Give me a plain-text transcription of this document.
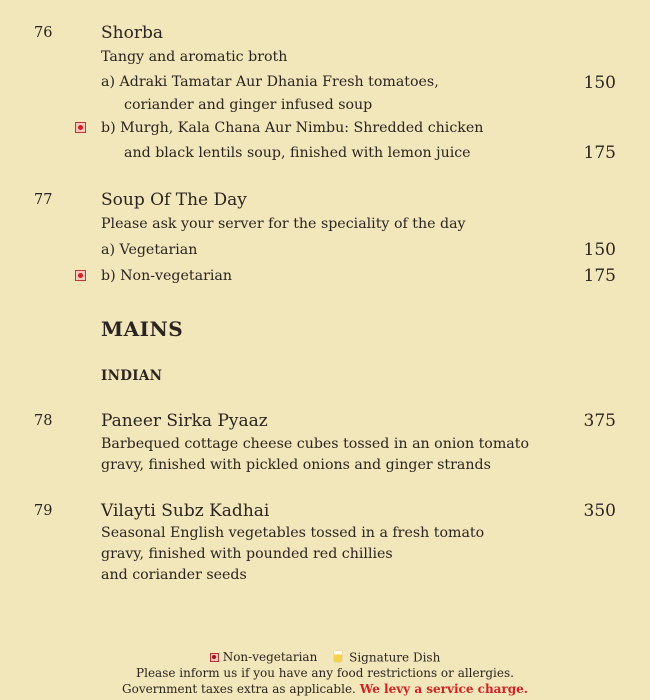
76	Shorba
Tangy and aromatic broth
a) Adraki Tamatar Aur Dhania Fresh tomatoes,	150
coriander and ginger infused soup
b) Murgh, Kala Chana Aur Nimbu: Shredded chicken
and black lentils soup, finished with lemon juice	175
77	Soup Of The Day
Please ask your server for the speciality of the day
a) Vegetarian	150
b) Non-vegetarian	175
MAINS
INDIAN
78	Paneer Sirka Pyaaz	375
Barbequed cottage cheese cubes tossed in an onion tomato
gravy, finished with pickled onions and ginger strands
79	Vilayti Subz Kadhai	350
Seasonal English vegetables tossed in a fresh tomato
gravy, finished with pounded red chillies
and coriander seeds
Non-vegetarian	Signature Dish
Please inform us if you have any food restrictions or allergies.
Government taxes extra as applicable. We levy a service charge.
